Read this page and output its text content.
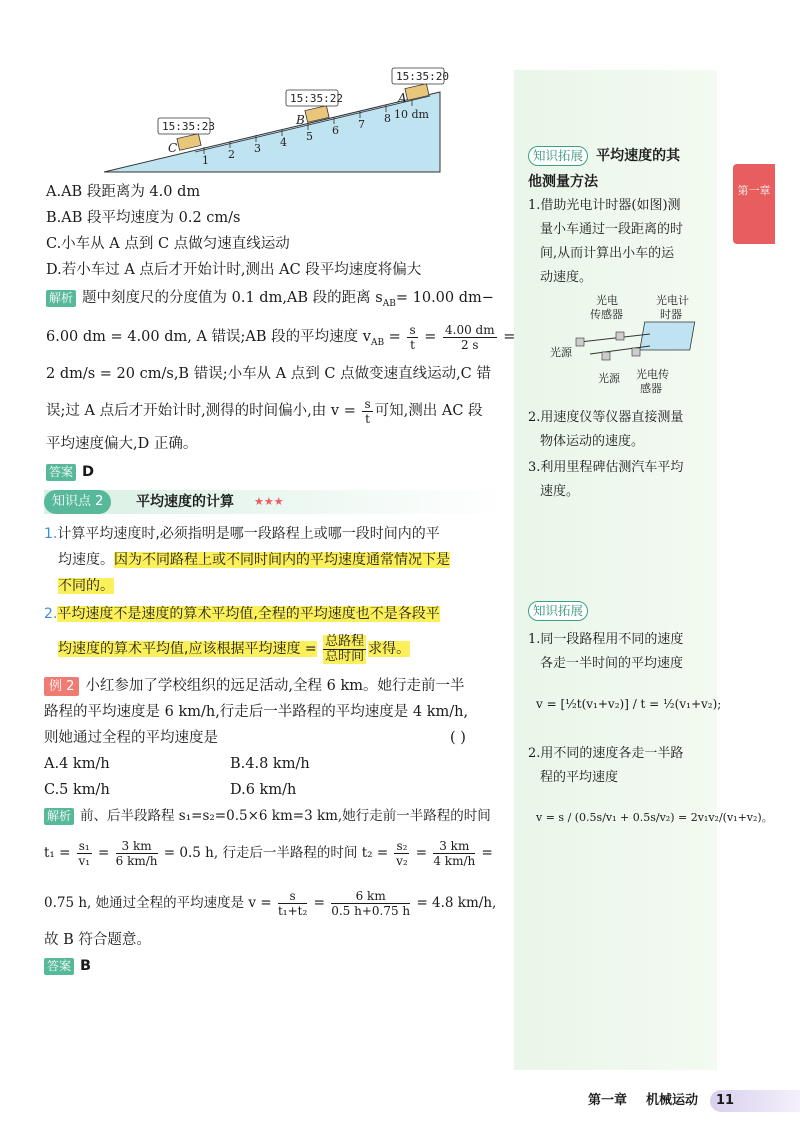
第一章
1 2 3 4 5 6 7 8 10 dm
C
B
A
15:35:23
15:35:22
15:35:20
A.AB 段距离为 4.0 dm
B.AB 段平均速度为 0.2 cm/s
C.小车从 A 点到 C 点做匀速直线运动
D.若小车过 A 点后才开始计时,测出 AC 段平均速度将偏大
解析 题中刻度尺的分度值为 0.1 dm,AB 段的距离 $s_{AB}= 10.00$ dm−
6.00 dm = 4.00 dm, A 错误;AB 段的平均速度 $v_{AB} = \frac{s}{t} = \frac{4.00 dm}{2 s}$ =
2 dm/s = 20 cm/s,B 错误;小车从 A 点到 C 点做变速直线运动,C 错
误;过 A 点后才开始计时,测得的时间偏小,由 $v = \frac{s}{t}$ 可知,测出 AC 段
平均速度偏大,D 正确。
答案 D
知识点 2	平均速度的计算 ★★★
1.计算平均速度时,必须指明是哪一段路程上或哪一段时间内的平
均速度。因为不同路程上或不同时间内的平均速度通常情况下是
不同的。
2.平均速度不是速度的算术平均值,全程的平均速度也不是各段平
均速度的算术平均值,应该根据平均速度 = $\frac{\text{总路程}}{\text{总时间}}$ 求得。
例 2 小红参加了学校组织的远足活动,全程 6 km。她行走前一半
路程的平均速度是 6 km/h,行走后一半路程的平均速度是 4 km/h,
则她通过全程的平均速度是	( )
A.4 km/h	B.4.8 km/h
C.5 km/h	D.6 km/h
解析 前、后半段路程 s₁=s₂=0.5×6 km=3 km,她行走前一半路程的时间
$t_1 = \frac{\text{s₁}}{\text{v₁}} = \frac{3 km}{6 km/h} = 0.5$ h, 行走后一半路程的时间 $t_2 = \frac{\text{s₂}}{\text{v₂}} = \frac{3 km}{4 km/h}$ =
0.75 h, 她通过全程的平均速度是 $v = \frac{s}{\text{t₁+t₂}} = \frac{6 km}{0.5 h+0.75 h} = 4.8$ km/h,
故 B 符合题意。
答案 B
知识拓展 平均速度的其
他测量方法
1.借助光电计时器(如图)测
量小车通过一段距离的时
间,从而计算出小车的运
动速度。
光电
传感器
光电计
时器
光源
光源 光电传
感器
2.用速度仪等仪器直接测量
物体运动的速度。
3.利用里程碑估测汽车平均
速度。
知识拓展
1.同一段路程用不同的速度
各走一半时间的平均速度
v = [½t(v₁+v₂)] / t = ½(v₁+v₂);
2.用不同的速度各走一半路
程的平均速度
v = s / (0.5s/v₁ + 0.5s/v₂) = 2v₁v₂/(v₁+v₂)。
第一章 机械运动 11
